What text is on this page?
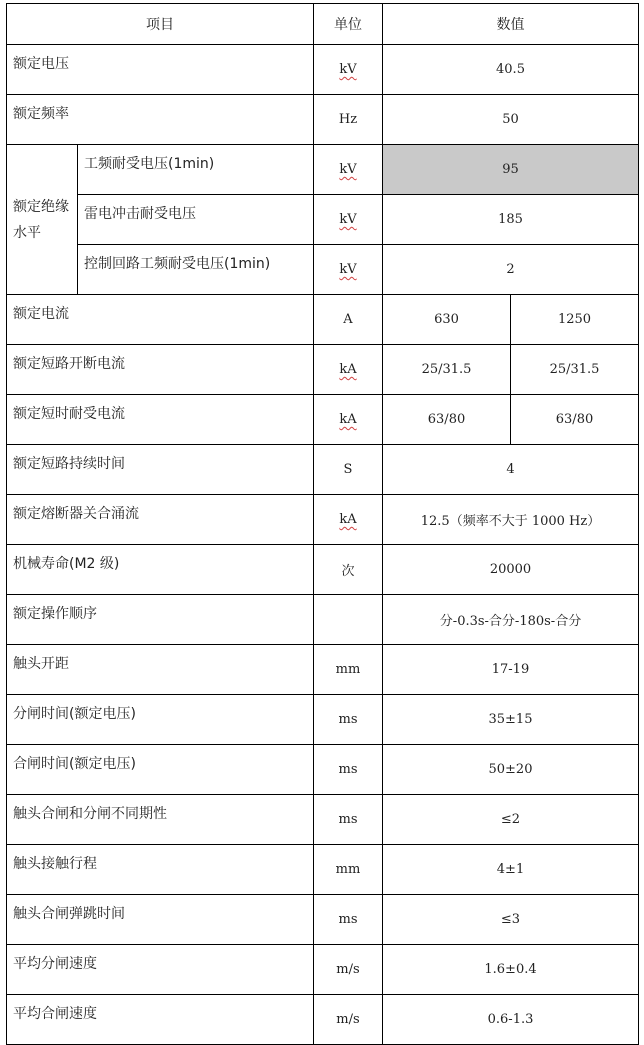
项目		单位	数值	
额定电压		kV	40.5	
额定频率		Hz	50	
额定绝缘水平	工频耐受电压(1min)	kV	95	
	雷电冲击耐受电压	kV	185	
	控制回路工频耐受电压(1min)	kV	2	
额定电流		A	630	1250
额定短路开断电流		kA	25/31.5	25/31.5
额定短时耐受电流		kA	63/80	63/80
额定短路持续时间		S	4	
额定熔断器关合涌流		kA	12.5（频率不大于 1000 Hz）	
机械寿命(M2 级)		次	20000	
额定操作顺序			分-0.3s-合分-180s-合分	
触头开距		mm	17-19	
分闸时间(额定电压)		ms	35±15	
合闸时间(额定电压)		ms	50±20	
触头合闸和分闸不同期性		ms	≤2	
触头接触行程		mm	4±1	
触头合闸弹跳时间		ms	≤3	
平均分闸速度		m/s	1.6±0.4	
平均合闸速度		m/s	0.6-1.3	
